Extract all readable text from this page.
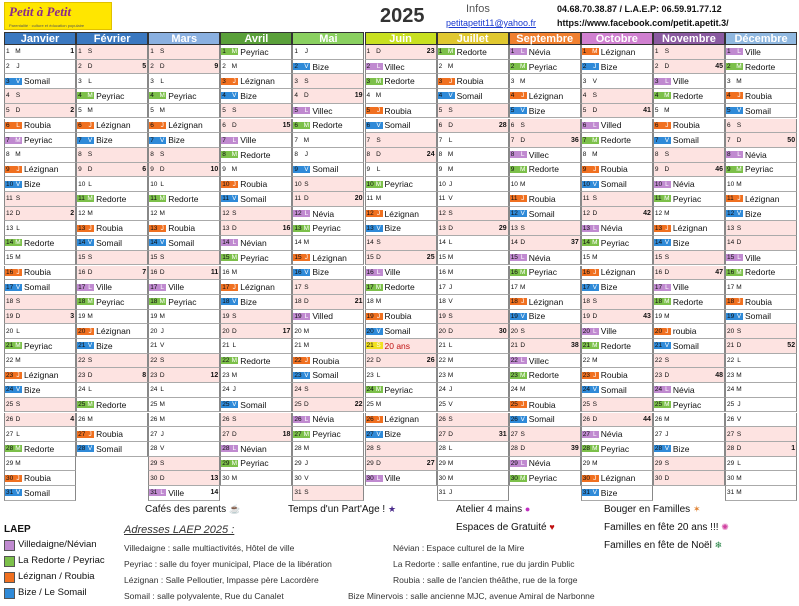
Petit à Petit
Parentalité · culture et éducation populaire	2025	Infos
petitapetit11@yahoo.fr
04.68.70.38.87 / L.A.E.P: 06.59.91.77.12
https://www.facebook.com/petit.apetit.3/
Janvier
1 M	1
2	J
3 V Somail
4 S
5 D	2
6	L Roubia
7 M Peyriac
8 M
9	J Lézignan
10 V Bize
11 S
12 D	2
13 L
14 M Redorte
15 M
16 J Roubia
17 V Somail
18 S
19 D	3
20 L
21 M Peyriac
22 M
23 J Lézignan
24 V Bize
25 S
26 D	4
27 L
28 M Redorte
29 M
30 J Roubia
31 V Somail
Février
1 S
2 D	5
3	L
4 M Peyriac
5 M
6	J Lézignan
7 V Bize
8 S
9 D	6
10 L
11 M Redorte
12 M
13 J Roubia
14 V Somail
15 S
16 D	7
17 L Ville
18 M Peyriac
19 M
20 J Lézignan
21 V Bize
22 S
23 D	8
24 L
25 M Redorte
26 M
27 J Roubia
28 V Somail
Mars
1 S
2 D	9
3	L
4 M Peyriac
5 M
6	J Lézignan
7 V Bize
8 S
9 D	10
10 L
11 M Redorte
12 M
13 J Roubia
14 V Somail
15 S
16 D	11
17 L Ville
18 M Peyriac
19 M
20 J
21 V
22 S
23 D	12
24 L
25 M
26 M
27 J
28 V
29 S
30 D	13
31 L Ville	14
Avril
1 M Peyriac
2 M
3	J Lézignan
4 V Bize
5 S
6 D	15
7	L Ville
8 M Redorte
9 M
10 J Roubia
11 V Somail
12 S
13 D	16
14 L Névian
15 M Peyriac
16 M
17 J Lézignan
18 V Bize
19 S
20 D	17
21 L
22 M Redorte
23 M
24 J
25 V Somail
26 S
27 D	18
28 L Névian
29 M Peyriac
30 M
Mai
1	J
2 V Bize
3 S
4 D	19
5	L Villec
6 M Redorte
7 M
8	J
9 V Somail
10 S
11 D	20
12 L Névia
13 M Peyriac
14 M
15 J Lézignan
16 V Bize
17 S
18 D	21
19 L Villed
20 M
21 M
22 J Roubia
23 V Somail
24 S
25 D	22
26 L Névia
27 M Peyriac
28 M
29 J
30 V
31 S
Juin
1 D	23
2	L Villec
3 M Redorte
4 M
5	J Roubia
6 V Somail
7 S
8 D	24
9	L
10 M Peyriac
11 M
12 J Lézignan
13 V Bize
14 S
15 D	25
16 L Ville
17 M Redorte
18 M
19 J Roubia
20 V Somail
21 S 20 ans
22 D	26
23 L
24 M Peyriac
25 M
26 J Lézignan
27 V Bize
28 S
29 D	27
30 L Ville
Juillet
1 M Redorte
2 M
3	J Roubia
4 V Somail
5 S
6 D	28
7	L
8 M
9 M
10 J
11 V
12 S
13 D	29
14 L
15 M
16 M
17 J
18 V
19 S
20 D	30
21 L
22 M
23 M
24 J
25 V
26 S
27 D	31
28 L
29 M
30 M
31 J
Septembre
1	L Névia
2 M Peyriac
3 M
4	J Lézignan
5 V Bize
6 S
7 D	36
8	L Villec
9 M Redorte
10 M
11 J Roubia
12 V Somail
13 S
14 D	37
15 L Névia
16 M Peyriac
17 M
18 J Lézignan
19 V Bize
20 S
21 D	38
22 L Villec
23 M Redorte
24 M
25 J Roubia
26 V Somail
27 S
28 D	39
29 L Névia
30 M Peyriac
Octobre
1 M Lézignan
2	J Bize
3 V
4 S
5 D	41
6	L Villed
7 M Redorte
8 M
9	J Roubia
10 V Somail
11 S
12 D	42
13 L Névia
14 M Peyriac
15 M
16 J Lézignan
17 V Bize
18 S
19 D	43
20 L Ville
21 M Redorte
22 M
23 J Roubia
24 V Somail
25 S
26 D	44
27 L Névia
28 M Peyriac
29 M
30 J Lézignan
31 V Bize
Novembre
1 S
2 D	45
3	L Ville
4 M Redorte
5 M
6	J Roubia
7 V Somail
8 S
9 D	46
10 L Névia
11 M Peyriac
12 M
13 J Lézignan
14 V Bize
15 S
16 D	47
17 L Ville
18 M Redorte
19 M
20 J roubia
21 V Somail
22 S
23 D	48
24 L Névia
25 M Peyriac
26 M
27 J
28 V Bize
29 S
30 D
Décembre
1	L Ville
2 M Redorte
3 M
4	J Roubia
5 V Somail
6 S
7 D	50
8	L Névia
9 M Peyriac
10 M
11 J Lézignan
12 V Bize
13 S
14 D
15 L Ville
16 M Redorte
17 M
18 J Roubia
19 V Somail
20 S
21 D	52
22 L
23 M
24 M
25 J
26 V
27 S
28 D	1
29 L
30 M
31 M
Cafés des parents ☕	Temps d'un Part'Age ! ★	Atelier 4 mains ●	Bouger en Familles ✶
Espaces de Gratuité ♥	Familles en fête 20 ans !!! ✺
Familles en fête de Noël ❄
LAEP
Villedaigne/Névian
La Redorte / Peyriac
Lézignan / Roubia
Bize / Le Somail
Adresses LAEP 2025 :
Villedaigne : salle multiactivités, Hôtel de ville
Peyriac : salle du foyer municipal, Place de la libération
Lézignan : Salle Pelloutier, Impasse père Lacordère
Somail : salle polyvalente, Rue du Canalet
Névian : Espace culturel de la Mire
La Redorte : salle enfantine, rue du jardin Public
Roubia : salle de l'ancien théâthe, rue de la forge
Bize Minervois : salle ancienne MJC, avenue Amiral de Narbonne
